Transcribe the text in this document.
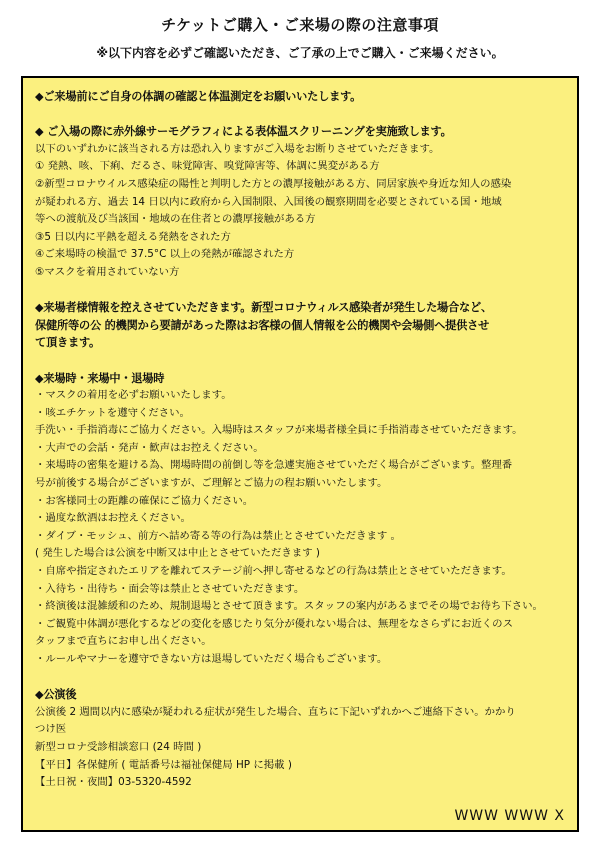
チケットご購入・ご来場の際の注意事項
※以下内容を必ずご確認いただき、ご了承の上でご購入・ご来場ください。
◆ご来場前にご自身の体調の確認と体温測定をお願いいたします。
◆ ご入場の際に赤外線サーモグラフィによる表体温スクリーニングを実施致します。
以下のいずれかに該当される方は恐れ入りますがご入場をお断りさせていただきます。
① 発熱、咳、下痢、だるさ、味覚障害、嗅覚障害等、体調に異変がある方
②新型コロナウイルス感染症の陽性と判明した方との濃厚接触がある方、同居家族や身近な知人の感染
が疑われる方、過去 14 日以内に政府から入国制限、入国後の観察期間を必要とされている国・地域
等への渡航及び当該国・地域の在住者との濃厚接触がある方
③5 日以内に平熱を超える発熱をされた方
④ご来場時の検温で 37.5°C 以上の発熱が確認された方
⑤マスクを着用されていない方
◆来場者様情報を控えさせていただきます。新型コロナウィルス感染者が発生した場合など、
保健所等の公 的機関から要請があった際はお客様の個人情報を公的機関や会場側へ提供させ
て頂きます。
◆来場時・来場中・退場時
・マスクの着用を必ずお願いいたします。
・咳エチケットを遵守ください。
手洗い・手指消毒にご協力ください。入場時はスタッフが来場者様全員に手指消毒させていただきます。
・大声での会話・発声・歓声はお控えください。
・来場時の密集を避ける為、開場時間の前倒し等を急遽実施させていただく場合がございます。整理番
号が前後する場合がございますが、ご理解とご協力の程お願いいたします。
・お客様同士の距離の確保にご協力ください。
・過度な飲酒はお控えください。
・ダイブ・モッシュ、前方へ詰め寄る等の行為は禁止とさせていただきます 。
( 発生した場合は公演を中断又は中止とさせていただきます )
・自席や指定されたエリアを離れてステージ前へ押し寄せるなどの行為は禁止とさせていただきます。
・入待ち・出待ち・面会等は禁止とさせていただきます。
・終演後は混雑緩和のため、規制退場とさせて頂きます。スタッフの案内があるまでその場でお待ち下さい。
・ご観覧中体調が悪化するなどの変化を感じたり気分が優れない場合は、無理をなさらずにお近くのス
タッフまで直ちにお申し出ください。
・ルールやマナーを遵守できない方は退場していただく場合もございます。
◆公演後
公演後 2 週間以内に感染が疑われる症状が発生した場合、直ちに下記いずれかへご連絡下さい。かかり
つけ医
新型コロナ受診相談窓口 (24 時間 )
【平日】各保健所 ( 電話番号は福祉保健局 HP に掲載 )
【土日祝・夜間】03-5320-4592
WWW WWW X
